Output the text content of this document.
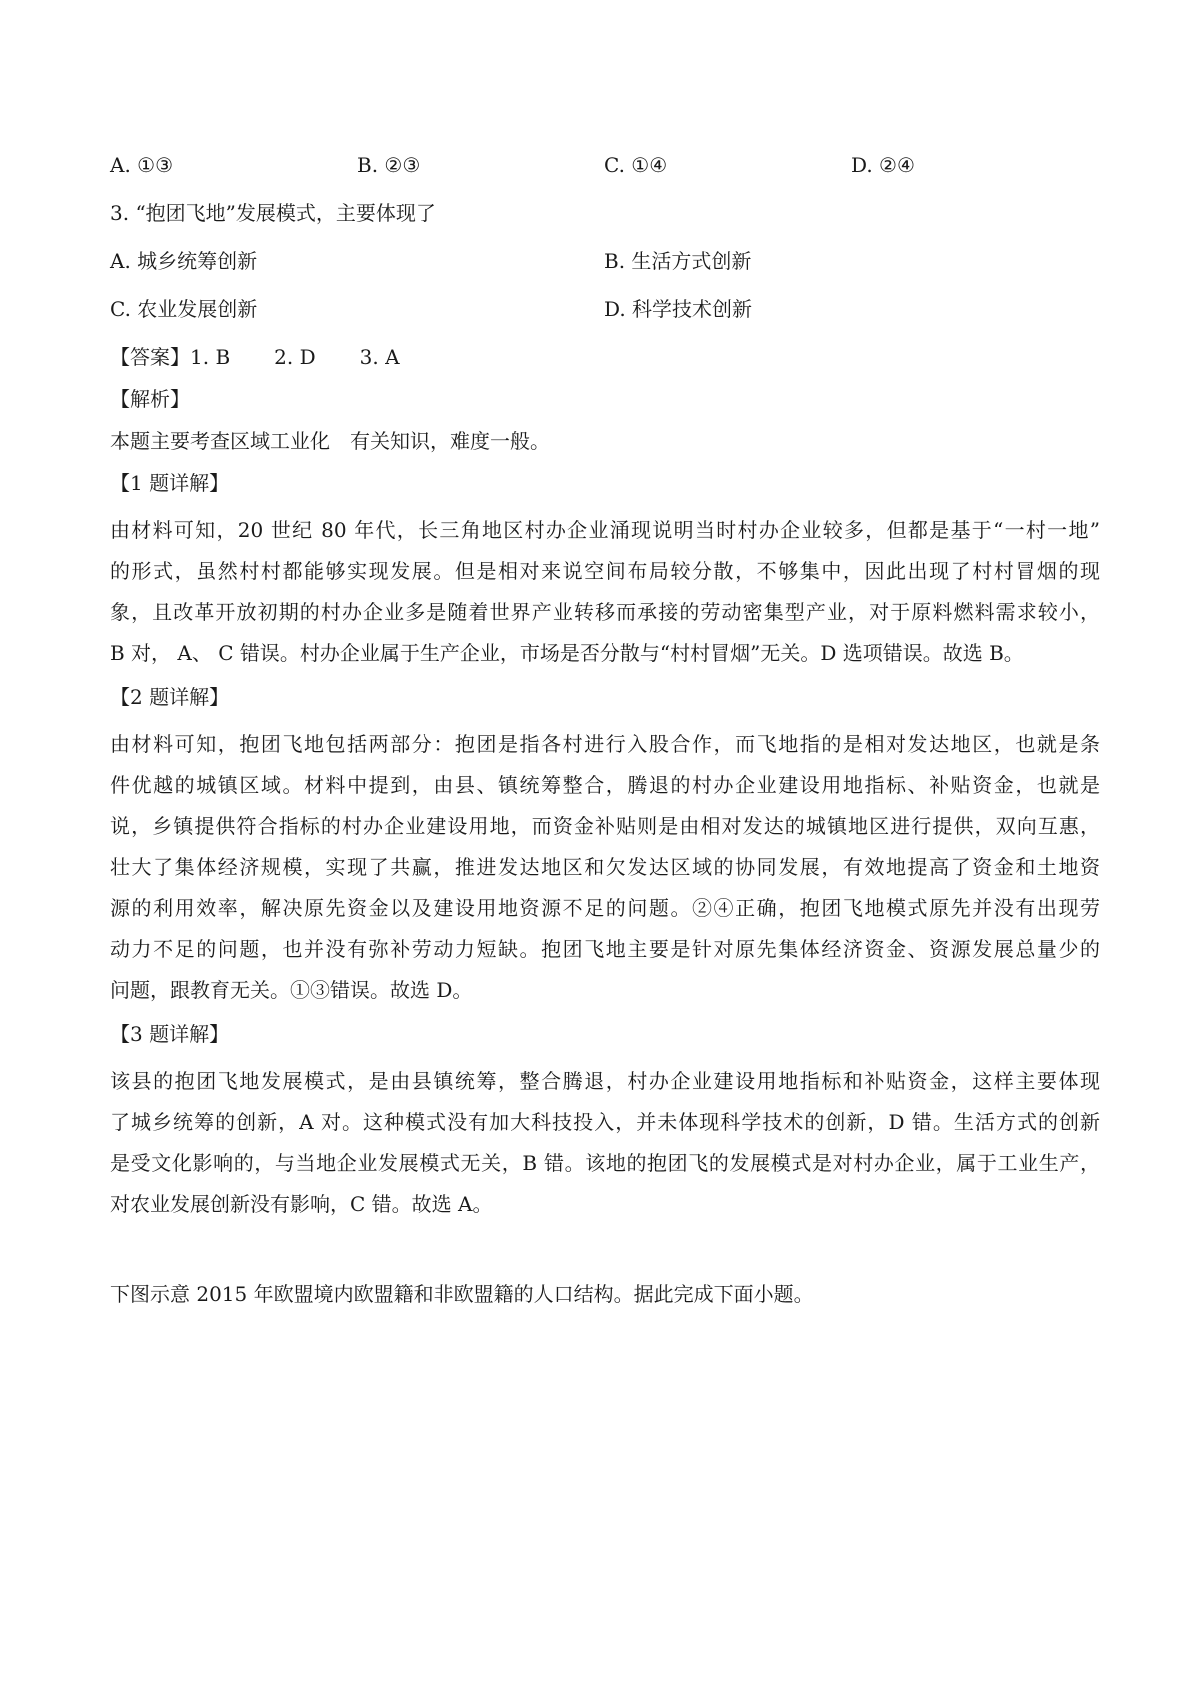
A. ①③	B. ②③	C. ①④	D. ②④
3. “抱团飞地”发展模式，主要体现了
A. 城乡统筹创新	B. 生活方式创新
C. 农业发展创新	D. 科学技术创新
【答案】1. B 2. D 3. A
【解析】
本题主要考查区域工业化　有关知识，难度一般。
【1 题详解】
由材料可知，20 世纪 80 年代，长三角地区村办企业涌现说明当时村办企业较多，但都是基于“一村一地”
的形式，虽然村村都能够实现发展。但是相对来说空间布局较分散，不够集中，因此出现了村村冒烟的现
象，且改革开放初期的村办企业多是随着世界产业转移而承接的劳动密集型产业，对于原料燃料需求较小，
B 对， A、 C 错误。村办企业属于生产企业，市场是否分散与“村村冒烟”无关。D 选项错误。故选 B。
【2 题详解】
由材料可知，抱团飞地包括两部分：抱团是指各村进行入股合作，而飞地指的是相对发达地区，也就是条
件优越的城镇区域。材料中提到，由县、镇统筹整合，腾退的村办企业建设用地指标、补贴资金，也就是
说，乡镇提供符合指标的村办企业建设用地，而资金补贴则是由相对发达的城镇地区进行提供，双向互惠，
壮大了集体经济规模，实现了共赢，推进发达地区和欠发达区域的协同发展，有效地提高了资金和土地资
源的利用效率，解决原先资金以及建设用地资源不足的问题。②④正确，抱团飞地模式原先并没有出现劳
动力不足的问题，也并没有弥补劳动力短缺。抱团飞地主要是针对原先集体经济资金、资源发展总量少的
问题，跟教育无关。①③错误。故选 D。
【3 题详解】
该县的抱团飞地发展模式，是由县镇统筹，整合腾退，村办企业建设用地指标和补贴资金，这样主要体现
了城乡统筹的创新，A 对。这种模式没有加大科技投入，并未体现科学技术的创新，D 错。生活方式的创新
是受文化影响的，与当地企业发展模式无关，B 错。该地的抱团飞的发展模式是对村办企业，属于工业生产，
对农业发展创新没有影响，C 错。故选 A。
下图示意 2015 年欧盟境内欧盟籍和非欧盟籍的人口结构。据此完成下面小题。
